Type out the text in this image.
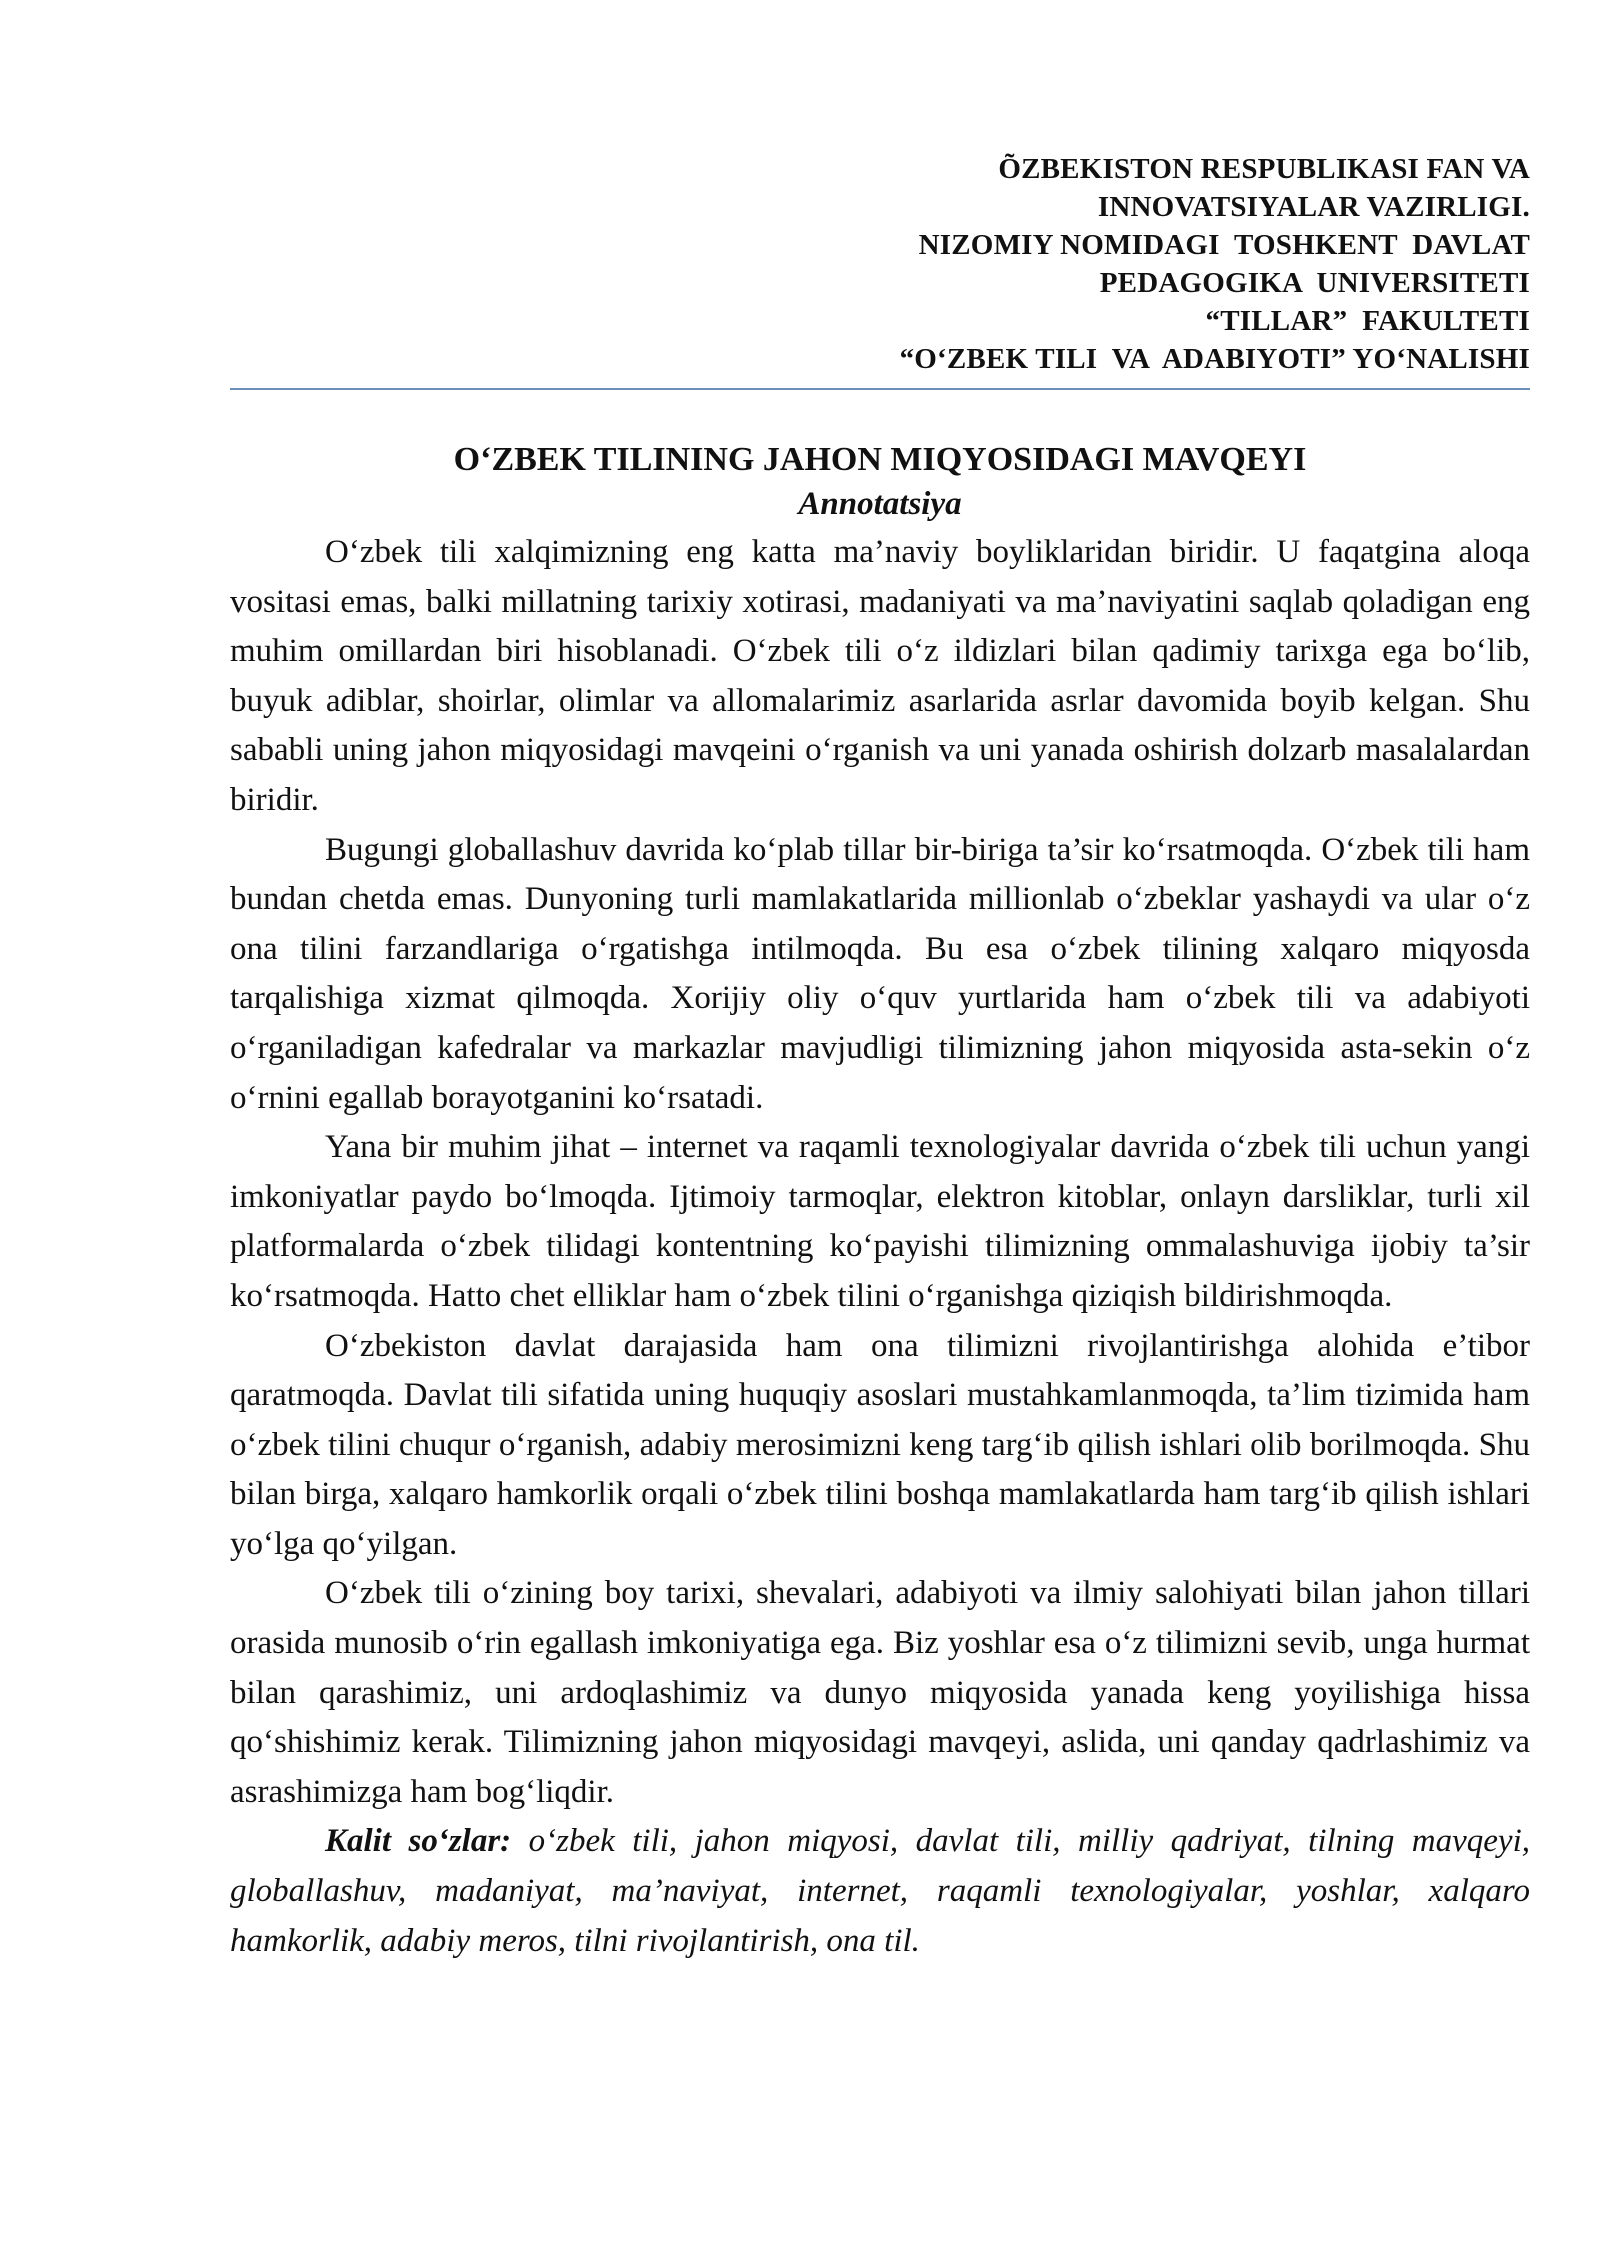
ÕZBEKISTON RESPUBLIKASI FAN VA
INNOVATSIYALAR VAZIRLIGI.
NIZOMIY NOMIDAGI  TOSHKENT  DAVLAT
PEDAGOGIKA  UNIVERSITETI
“TILLAR”  FAKULTETI
“O‘ZBEK TILI  VA  ADABIYOTI” YO‘NALISHI
O‘ZBEK TILINING JAHON MIQYOSIDAGI MAVQEYI
Annotatsiya

O‘zbek tili xalqimizning eng katta ma’naviy boyliklaridan biridir. U faqatgina aloqa vositasi emas, balki millatning tarixiy xotirasi, madaniyati va ma’naviyatini saqlab qoladigan eng muhim omillardan biri hisoblanadi. O‘zbek tili o‘z ildizlari bilan qadimiy tarixga ega bo‘lib, buyuk adiblar, shoirlar, olimlar va allomalarimiz asarlarida asrlar davomida boyib kelgan. Shu sababli uning jahon miqyosidagi mavqeini o‘rganish va uni yanada oshirish dolzarb masalalardan biridir.

Bugungi globallashuv davrida ko‘plab tillar bir-biriga ta’sir ko‘rsatmoqda. O‘zbek tili ham bundan chetda emas. Dunyoning turli mamlakatlarida millionlab o‘zbeklar yashaydi va ular o‘z ona tilini farzandlariga o‘rgatishga intilmoqda. Bu esa o‘zbek tilining xalqaro miqyosda tarqalishiga xizmat qilmoqda. Xorijiy oliy o‘quv yurtlarida ham o‘zbek tili va adabiyoti o‘rganiladigan kafedralar va markazlar mavjudligi tilimizning jahon miqyosida asta-sekin o‘z o‘rnini egallab borayotganini ko‘rsatadi.

Yana bir muhim jihat – internet va raqamli texnologiyalar davrida o‘zbek tili uchun yangi imkoniyatlar paydo bo‘lmoqda. Ijtimoiy tarmoqlar, elektron kitoblar, onlayn darsliklar, turli xil platformalarda o‘zbek tilidagi kontentning ko‘payishi tilimizning ommalashuviga ijobiy ta’sir ko‘rsatmoqda. Hatto chet elliklar ham o‘zbek tilini o‘rganishga qiziqish bildirishmoqda.

O‘zbekiston davlat darajasida ham ona tilimizni rivojlantirishga alohida e’tibor qaratmoqda. Davlat tili sifatida uning huquqiy asoslari mustahkamlanmoqda, ta’lim tizimida ham o‘zbek tilini chuqur o‘rganish, adabiy merosimizni keng targ‘ib qilish ishlari olib borilmoqda. Shu bilan birga, xalqaro hamkorlik orqali o‘zbek tilini boshqa mamlakatlarda ham targ‘ib qilish ishlari yo‘lga qo‘yilgan.

O‘zbek tili o‘zining boy tarixi, shevalari, adabiyoti va ilmiy salohiyati bilan jahon tillari orasida munosib o‘rin egallash imkoniyatiga ega. Biz yoshlar esa o‘z tilimizni sevib, unga hurmat bilan qarashimiz, uni ardoqlashimiz va dunyo miqyosida yanada keng yoyilishiga hissa qo‘shishimiz kerak. Tilimizning jahon miqyosidagi mavqeyi, aslida, uni qanday qadrlashimiz va asrashimizga ham bog‘liqdir.

Kalit so‘zlar: o‘zbek tili, jahon miqyosi, davlat tili, milliy qadriyat, tilning mavqeyi, globallashuv, madaniyat, ma’naviyat, internet, raqamli texnologiyalar, yoshlar, xalqaro hamkorlik, adabiy meros, tilni rivojlantirish, ona til.
